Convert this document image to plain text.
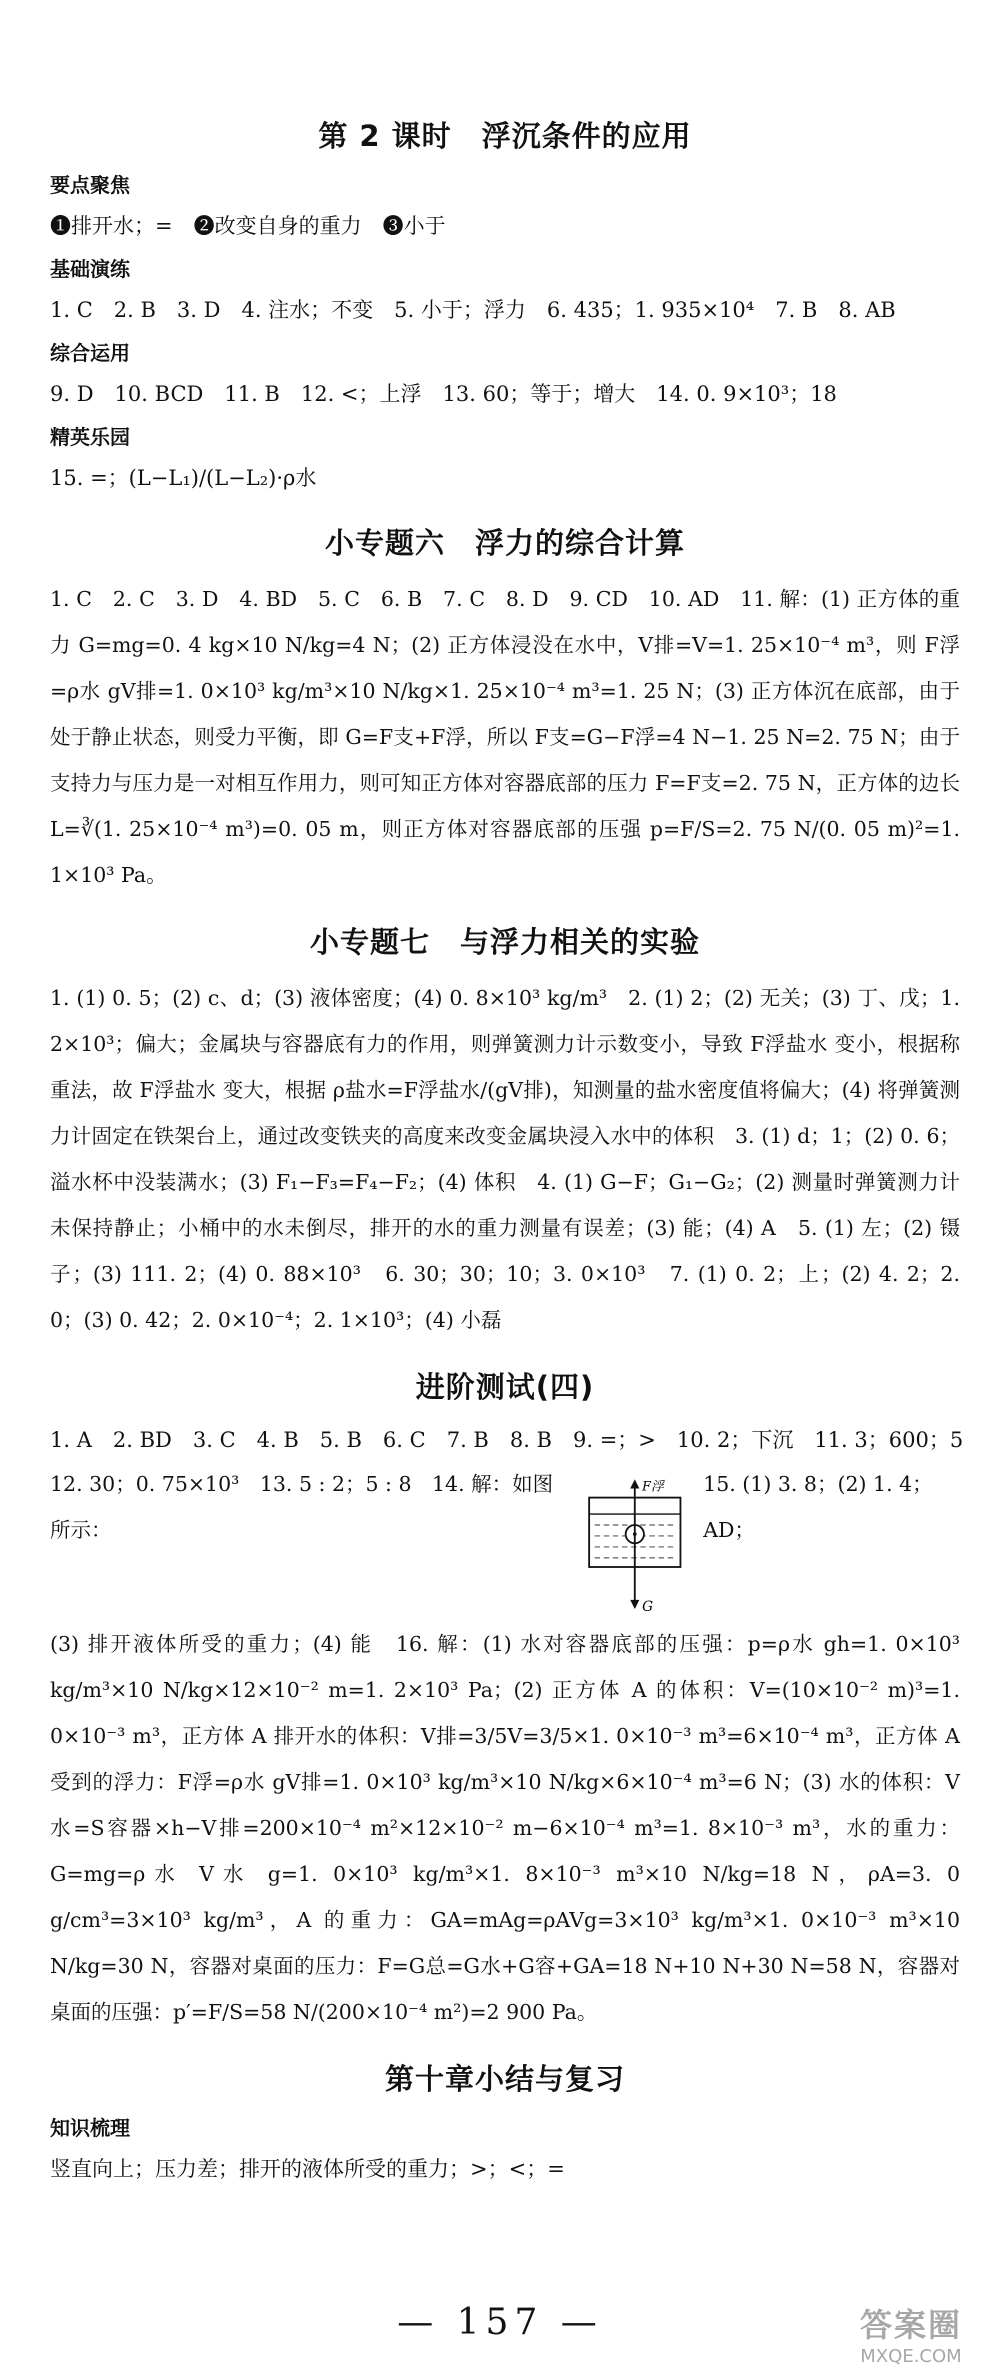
第 2 课时　浮沉条件的应用
要点聚焦
❶排开水；=　❷改变自身的重力　❸小于
基础演练
1. C　2. B　3. D　4. 注水；不变　5. 小于；浮力　6. 435；1. 935×10⁴　7. B　8. AB
综合运用
9. D　10. BCD　11. B　12. <；上浮　13. 60；等于；增大　14. 0. 9×10³；18
精英乐园
15. =；(L−L₁)/(L−L₂)·ρ水
小专题六　浮力的综合计算
1. C　2. C　3. D　4. BD　5. C　6. B　7. C　8. D　9. CD　10. AD　11. 解：(1) 正方体的重力 G=mg=0. 4 kg×10 N/kg=4 N；(2) 正方体浸没在水中，V排=V=1. 25×10⁻⁴ m³，则 F浮=ρ水 gV排=1. 0×10³ kg/m³×10 N/kg×1. 25×10⁻⁴ m³=1. 25 N；(3) 正方体沉在底部，由于处于静止状态，则受力平衡，即 G=F支+F浮，所以 F支=G−F浮=4 N−1. 25 N=2. 75 N；由于支持力与压力是一对相互作用力，则可知正方体对容器底部的压力 F=F支=2. 75 N，正方体的边长 L=∛(1. 25×10⁻⁴ m³)=0. 05 m，则正方体对容器底部的压强 p=F/S=2. 75 N/(0. 05 m)²=1. 1×10³ Pa。
小专题七　与浮力相关的实验
1. (1) 0. 5；(2) c、d；(3) 液体密度；(4) 0. 8×10³ kg/m³　2. (1) 2；(2) 无关；(3) 丁、戊；1. 2×10³；偏大；金属块与容器底有力的作用，则弹簧测力计示数变小，导致 F浮盐水 变小，根据称重法，故 F浮盐水 变大，根据 ρ盐水=F浮盐水/(gV排)，知测量的盐水密度值将偏大；(4) 将弹簧测力计固定在铁架台上，通过改变铁夹的高度来改变金属块浸入水中的体积　3. (1) d；1；(2) 0. 6；溢水杯中没装满水；(3) F₁−F₃=F₄−F₂；(4) 体积　4. (1) G−F；G₁−G₂；(2) 测量时弹簧测力计未保持静止；小桶中的水未倒尽，排开的水的重力测量有误差；(3) 能；(4) A　5. (1) 左；(2) 镊子；(3) 111. 2；(4) 0. 88×10³　6. 30；30；10；3. 0×10³　7. (1) 0. 2；上；(2) 4. 2；2. 0；(3) 0. 42；2. 0×10⁻⁴；2. 1×10³；(4) 小磊
进阶测试(四)
1. A　2. BD　3. C　4. B　5. B　6. C　7. B　8. B　9. =；>　10. 2；下沉　11. 3；600；5
12. 30；0. 75×10³　13. 5 : 2；5 : 8　14. 解：如图所示：
F浮
G
15. (1) 3. 8；(2) 1. 4；AD；
(3) 排开液体所受的重力；(4) 能　16. 解：(1) 水对容器底部的压强：p=ρ水 gh=1. 0×10³ kg/m³×10 N/kg×12×10⁻² m=1. 2×10³ Pa；(2) 正方体 A 的体积：V=(10×10⁻² m)³=1. 0×10⁻³ m³，正方体 A 排开水的体积：V排=3/5V=3/5×1. 0×10⁻³ m³=6×10⁻⁴ m³，正方体 A 受到的浮力：F浮=ρ水 gV排=1. 0×10³ kg/m³×10 N/kg×6×10⁻⁴ m³=6 N；(3) 水的体积：V水=S容器×h−V排=200×10⁻⁴ m²×12×10⁻² m−6×10⁻⁴ m³=1. 8×10⁻³ m³，水的重力：G=mg=ρ水 V水 g=1. 0×10³ kg/m³×1. 8×10⁻³ m³×10 N/kg=18 N，ρA=3. 0 g/cm³=3×10³ kg/m³，A 的重力：GA=mAg=ρAVg=3×10³ kg/m³×1. 0×10⁻³ m³×10 N/kg=30 N，容器对桌面的压力：F=G总=G水+G容+GA=18 N+10 N+30 N=58 N，容器对桌面的压强：p′=F/S=58 N/(200×10⁻⁴ m²)=2 900 Pa。
第十章小结与复习
知识梳理
竖直向上；压力差；排开的液体所受的重力；>；<；=
— 157 —	答案圈
MXQE.COM
